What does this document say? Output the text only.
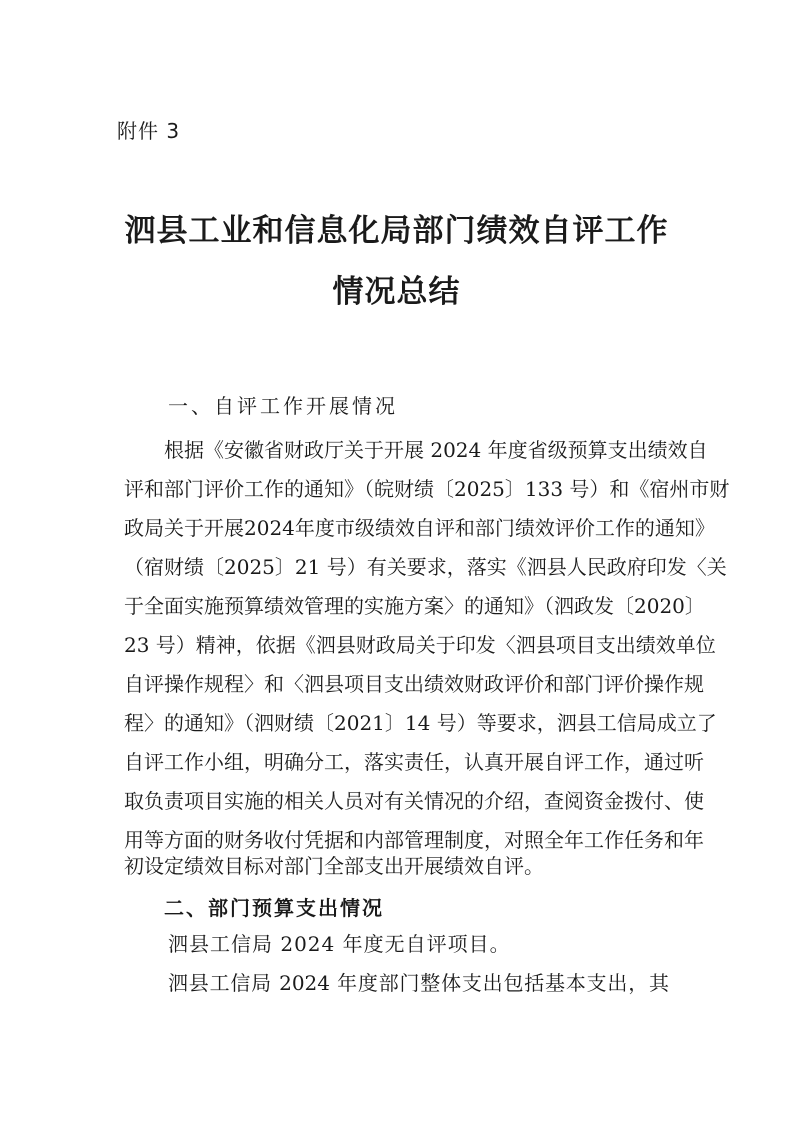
附件 3
泗县工业和信息化局部门绩效自评工作
情况总结
一、自评工作开展情况
根据《安徽省财政厅关于开展 2024 年度省级预算支出绩效自
评和部门评价工作的通知》（皖财绩〔2025〕133 号）和《宿州市财
政局关于开展2024年度市级绩效自评和部门绩效评价工作的通知》
（宿财绩〔2025〕21 号）有关要求，落实《泗县人民政府印发〈关
于全面实施预算绩效管理的实施方案〉的通知》（泗政发〔2020〕
23 号）精神，依据《泗县财政局关于印发〈泗县项目支出绩效单位
自评操作规程〉和〈泗县项目支出绩效财政评价和部门评价操作规
程〉的通知》（泗财绩〔2021〕14 号）等要求，泗县工信局成立了
自评工作小组，明确分工，落实责任，认真开展自评工作，通过听
取负责项目实施的相关人员对有关情况的介绍，查阅资金拨付、使
用等方面的财务收付凭据和内部管理制度，对照全年工作任务和年
初设定绩效目标对部门全部支出开展绩效自评。
二、部门预算支出情况
泗县工信局 2024 年度无自评项目。
泗县工信局 2024 年度部门整体支出包括基本支出，其
